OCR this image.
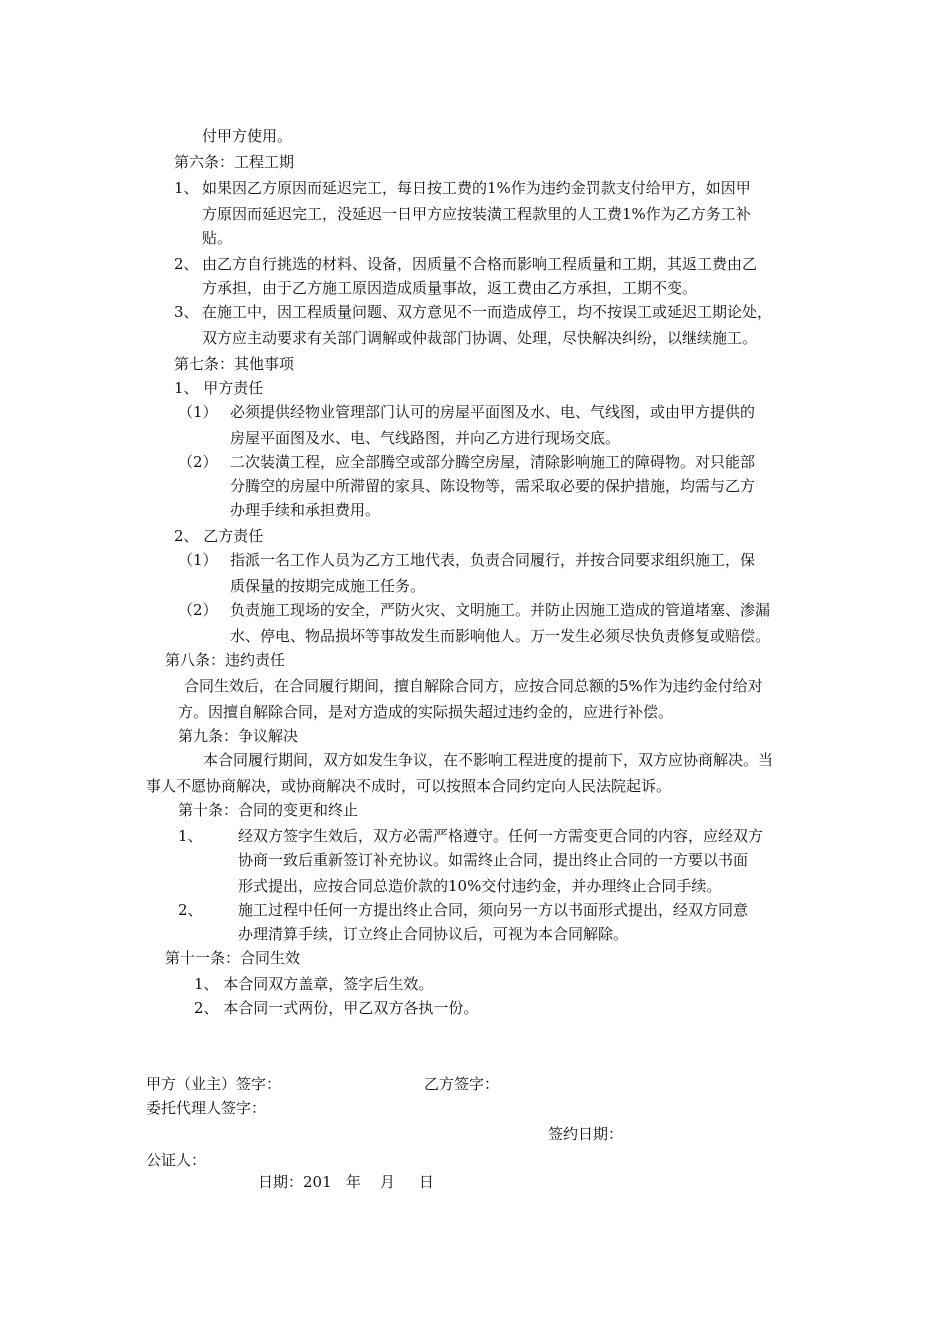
付甲方使用。
第六条：工程工期
1、 如果因乙方原因而延迟完工，每日按工费的1%作为违约金罚款支付给甲方，如因甲
方原因而延迟完工，没延迟一日甲方应按装潢工程款里的人工费1%作为乙方务工补
贴。
2、 由乙方自行挑选的材料、设备，因质量不合格而影响工程质量和工期，其返工费由乙
方承担，由于乙方施工原因造成质量事故，返工费由乙方承担，工期不变。
3、 在施工中，因工程质量问题、双方意见不一而造成停工，均不按误工或延迟工期论处，
双方应主动要求有关部门调解或仲裁部门协调、处理，尽快解决纠纷，以继续施工。
第七条：其他事项
1、 甲方责任
（1） 必须提供经物业管理部门认可的房屋平面图及水、电、气线图，或由甲方提供的
房屋平面图及水、电、气线路图，并向乙方进行现场交底。
（2） 二次装潢工程，应全部腾空或部分腾空房屋，清除影响施工的障碍物。对只能部
分腾空的房屋中所滞留的家具、陈设物等，需采取必要的保护措施，均需与乙方
办理手续和承担费用。
2、 乙方责任
（1） 指派一名工作人员为乙方工地代表，负责合同履行，并按合同要求组织施工，保
质保量的按期完成施工任务。
（2） 负责施工现场的安全，严防火灾、文明施工。并防止因施工造成的管道堵塞、渗漏
水、停电、物品损坏等事故发生而影响他人。万一发生必须尽快负责修复或赔偿。
第八条：违约责任
合同生效后，在合同履行期间，擅自解除合同方，应按合同总额的5%作为违约金付给对
方。因擅自解除合同，是对方造成的实际损失超过违约金的，应进行补偿。
第九条：争议解决
本合同履行期间，双方如发生争议，在不影响工程进度的提前下，双方应协商解决。当
事人不愿协商解决，或协商解决不成时，可以按照本合同约定向人民法院起诉。
第十条：合同的变更和终止
1、 经双方签字生效后，双方必需严格遵守。任何一方需变更合同的内容，应经双方
协商一致后重新签订补充协议。如需终止合同，提出终止合同的一方要以书面
形式提出，应按合同总造价款的10%交付违约金，并办理终止合同手续。
2、 施工过程中任何一方提出终止合同，须向另一方以书面形式提出，经双方同意
办理清算手续，订立终止合同协议后，可视为本合同解除。
第十一条：合同生效
1、 本合同双方盖章，签字后生效。
2、 本合同一式两份，甲乙双方各执一份。
甲方（业主）签字：	乙方签字：
委托代理人签字：
签约日期：
公证人：
日期：201   年    月     日
